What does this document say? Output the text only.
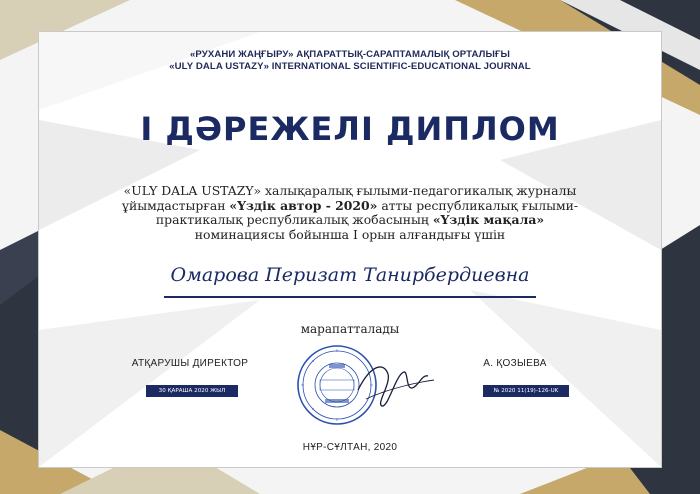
«РУХАНИ ЖАҢҒЫРУ» АҚПАРАТТЫҚ-САРАПТАМАЛЫҚ ОРТАЛЫҒЫ
«ULY DALA USTAZY» INTERNATIONAL SCIENTIFIC-EDUCATIONAL JOURNAL
І ДӘРЕЖЕЛІ ДИПЛОМ
«ULY DALA USTAZY» халықаралық ғылыми-педагогикалық журналы ұйымдастырған «Үздік автор - 2020» атты республикалық ғылыми-практикалық республикалық жобасының «Үздік мақала» номинациясы бойынша І орын алғандығы үшін
Омарова Перизат Танирбердиевна
марапатталады
АТҚАРУШЫ ДИРЕКТОР
30 ҚАРАША 2020 ЖЫЛ
А. ҚОЗЫЕВА
№ 2020 11(19)-126-UK
НҰР-СҰЛТАН, 2020
